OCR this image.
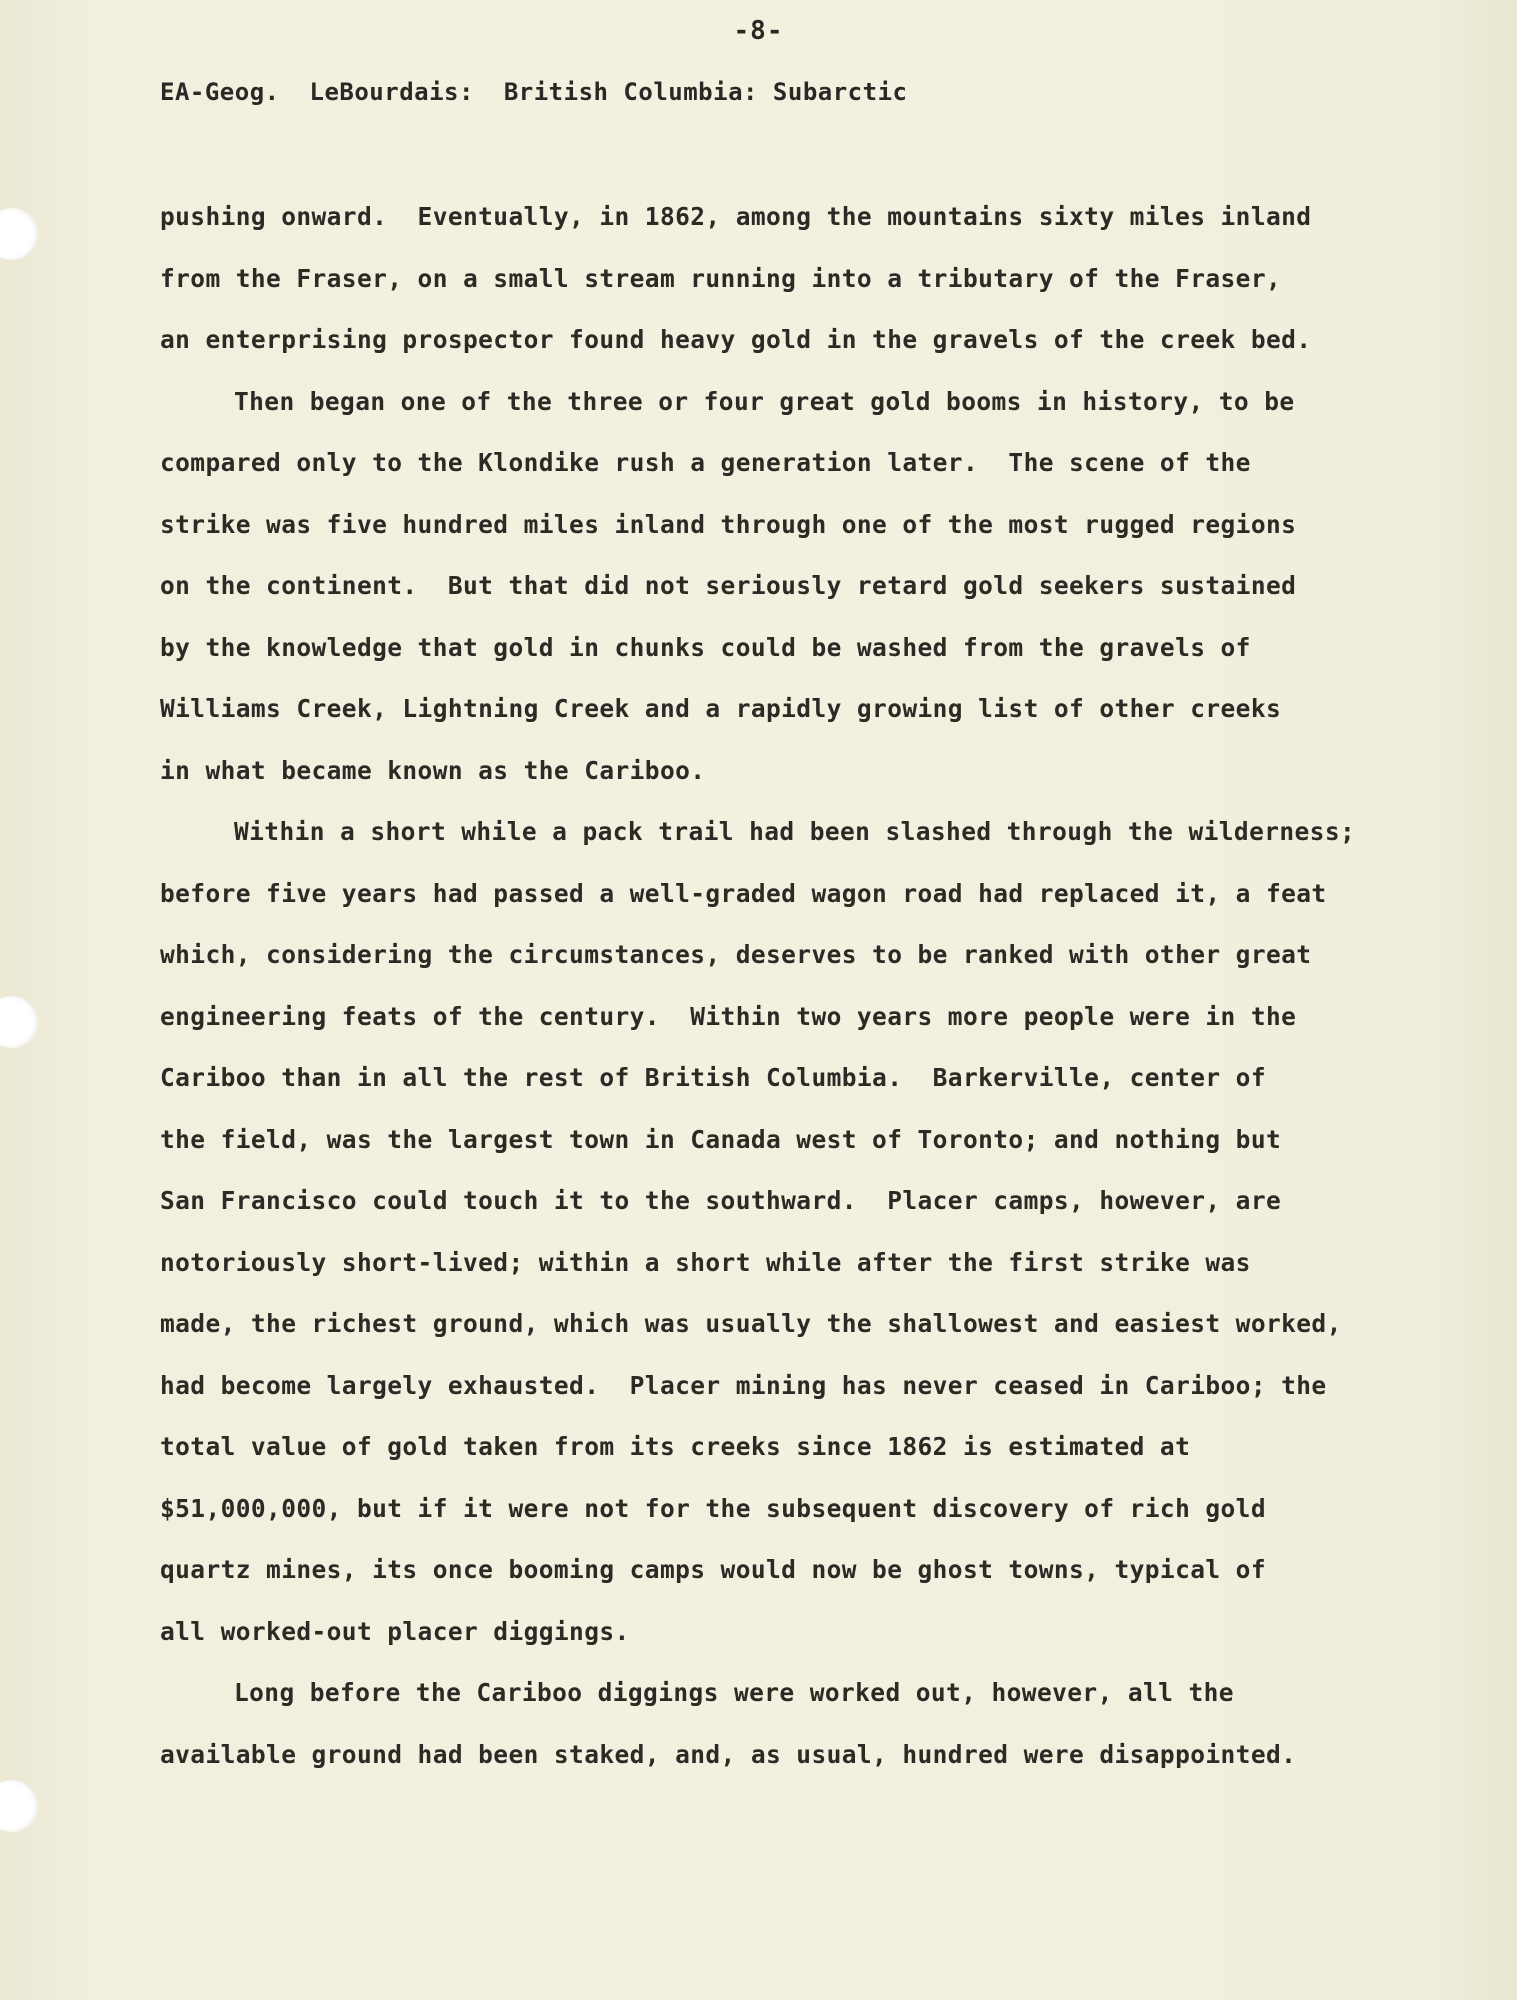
-8-
EA-Geog.  LeBourdais:  British Columbia: Subarctic
pushing onward.  Eventually, in 1862, among the mountains sixty miles inland
from the Fraser, on a small stream running into a tributary of the Fraser,
an enterprising prospector found heavy gold in the gravels of the creek bed.
Then began one of the three or four great gold booms in history, to be
compared only to the Klondike rush a generation later.  The scene of the
strike was five hundred miles inland through one of the most rugged regions
on the continent.  But that did not seriously retard gold seekers sustained
by the knowledge that gold in chunks could be washed from the gravels of
Williams Creek, Lightning Creek and a rapidly growing list of other creeks
in what became known as the Cariboo.
Within a short while a pack trail had been slashed through the wilderness;
before five years had passed a well-graded wagon road had replaced it, a feat
which, considering the circumstances, deserves to be ranked with other great
engineering feats of the century.  Within two years more people were in the
Cariboo than in all the rest of British Columbia.  Barkerville, center of
the field, was the largest town in Canada west of Toronto; and nothing but
San Francisco could touch it to the southward.  Placer camps, however, are
notoriously short-lived; within a short while after the first strike was
made, the richest ground, which was usually the shallowest and easiest worked,
had become largely exhausted.  Placer mining has never ceased in Cariboo; the
total value of gold taken from its creeks since 1862 is estimated at
$51,000,000, but if it were not for the subsequent discovery of rich gold
quartz mines, its once booming camps would now be ghost towns, typical of
all worked-out placer diggings.
Long before the Cariboo diggings were worked out, however, all the
available ground had been staked, and, as usual, hundred were disappointed.
